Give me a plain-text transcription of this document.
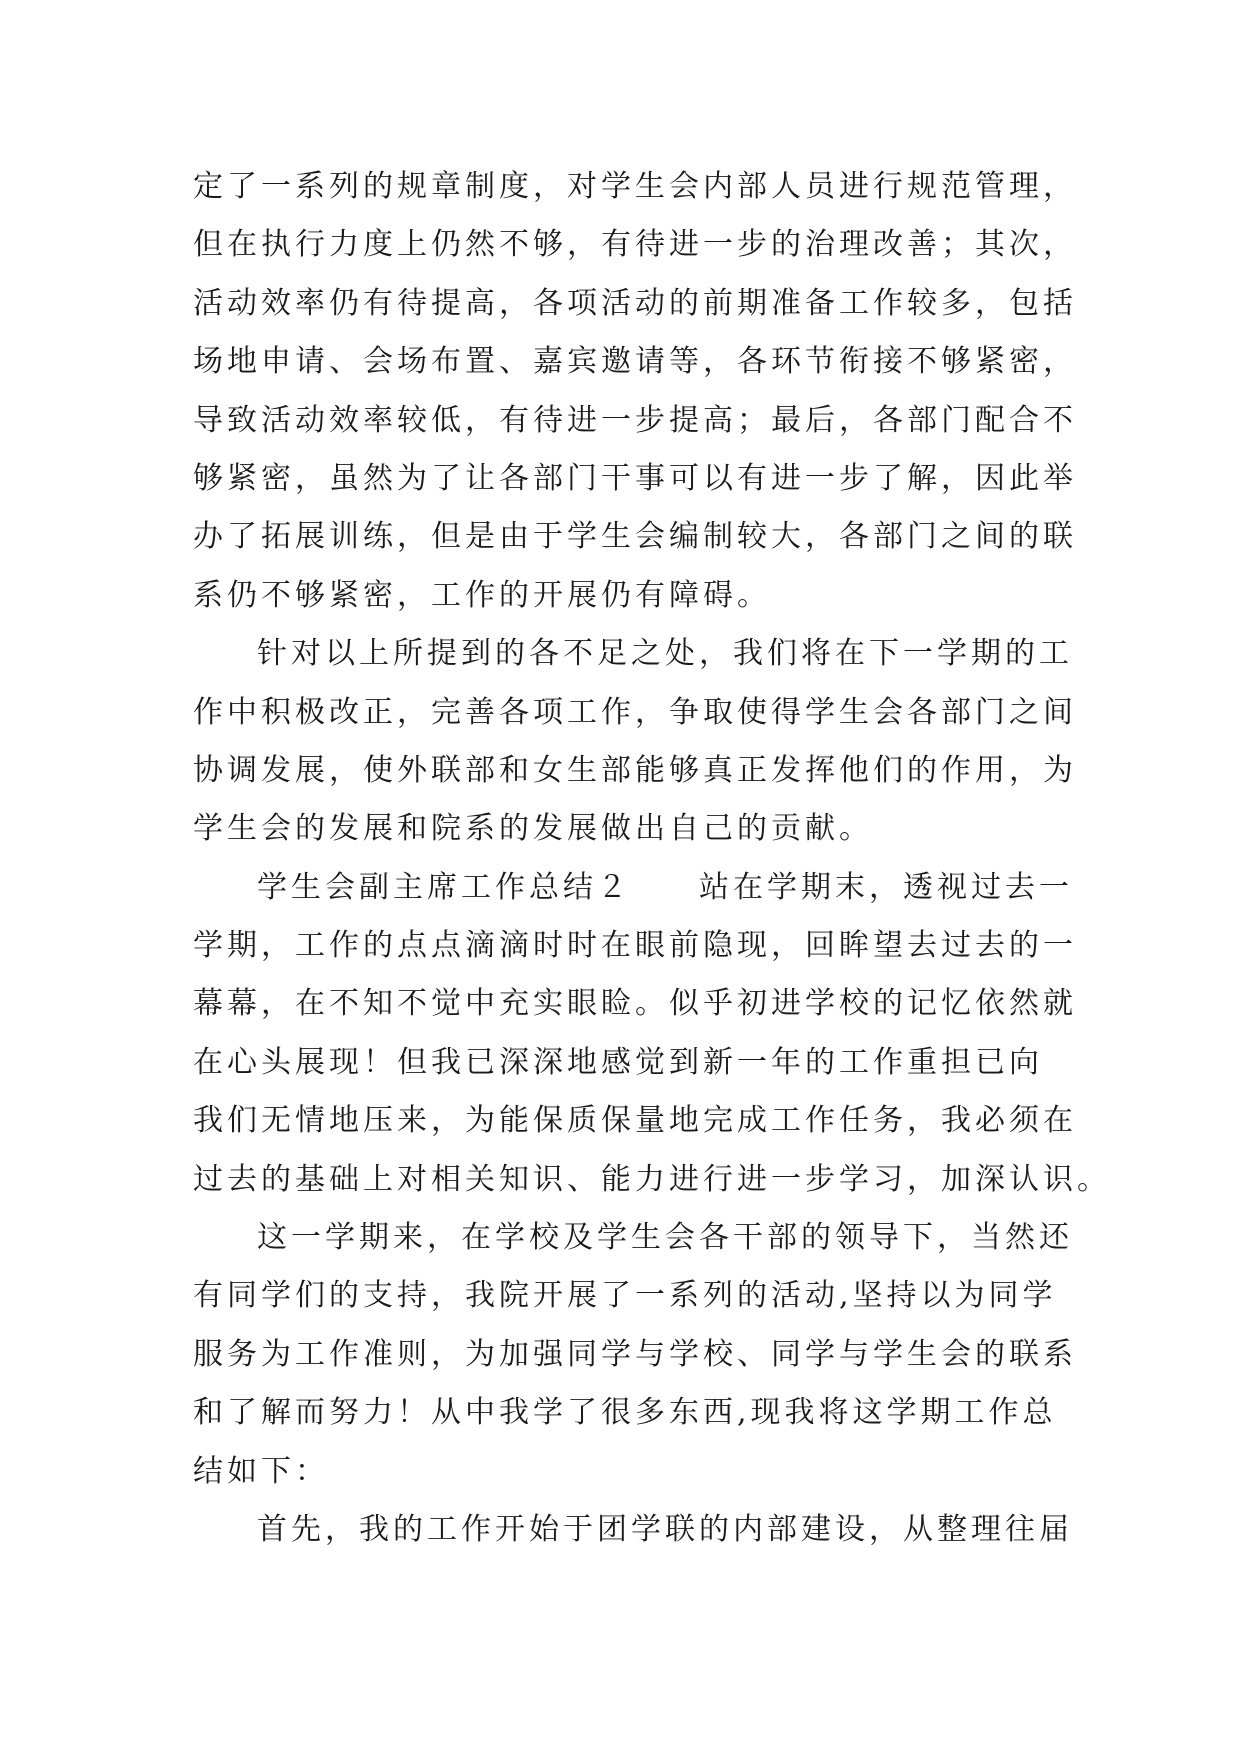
定了一系列的规章制度，对学生会内部人员进行规范管理，
但在执行力度上仍然不够，有待进一步的治理改善；其次，
活动效率仍有待提高，各项活动的前期准备工作较多，包括
场地申请、会场布置、嘉宾邀请等，各环节衔接不够紧密，
导致活动效率较低，有待进一步提高；最后，各部门配合不
够紧密，虽然为了让各部门干事可以有进一步了解，因此举
办了拓展训练，但是由于学生会编制较大，各部门之间的联
系仍不够紧密，工作的开展仍有障碍。
针对以上所提到的各不足之处，我们将在下一学期的工
作中积极改正，完善各项工作，争取使得学生会各部门之间
协调发展，使外联部和女生部能够真正发挥他们的作用，为
学生会的发展和院系的发展做出自己的贡献。
学生会副主席工作总结２　　站在学期末，透视过去一
学期，工作的点点滴滴时时在眼前隐现，回眸望去过去的一
幕幕，在不知不觉中充实眼睑。似乎初进学校的记忆依然就
在心头展现！但我已深深地感觉到新一年的工作重担已向
我们无情地压来，为能保质保量地完成工作任务，我必须在
过去的基础上对相关知识、能力进行进一步学习，加深认识。
这一学期来，在学校及学生会各干部的领导下，当然还
有同学们的支持，我院开展了一系列的活动,坚持以为同学
服务为工作准则，为加强同学与学校、同学与学生会的联系
和了解而努力！从中我学了很多东西,现我将这学期工作总
结如下：
首先，我的工作开始于团学联的内部建设，从整理往届
